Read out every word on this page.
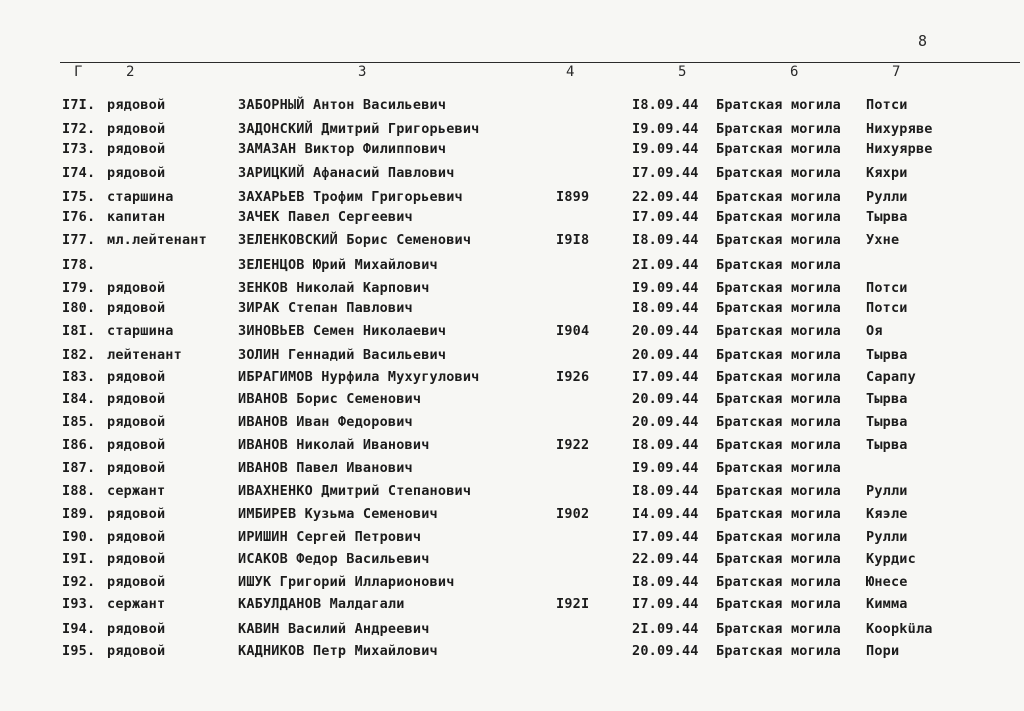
8
Г	2	3	4	5	6	7
I7I. рядовой	ЗАБОРНЫЙ Антон Васильевич	I8.09.44 Братская могила Потси
I72. рядовой	ЗАДОНСКИЙ Дмитрий Григорьевич	I9.09.44 Братская могила Нихуряве
I73. рядовой	ЗАМАЗАН Виктор Филиппович	I9.09.44 Братская могила Нихуярве
I74. рядовой	ЗАРИЦКИЙ Афанасий Павлович	I7.09.44 Братская могила Кяхри
I75. старшина	ЗАХАРЬЕВ Трофим Григорьевич	I899	22.09.44 Братская могила Рулли
I76. капитан	ЗАЧЕК Павел Сергеевич	I7.09.44 Братская могила Тырва
I77. мл.лейтенант ЗЕЛЕНКОВСКИЙ Борис Семенович	I9I8	I8.09.44 Братская могила Ухне
I78.	ЗЕЛЕНЦОВ Юрий Михайлович	2I.09.44 Братская могила
I79. рядовой	ЗЕНКОВ Николай Карпович	I9.09.44 Братская могила Потси
I80. рядовой	ЗИРАК Степан Павлович	I8.09.44 Братская могила Потси
I8I. старшина	ЗИНОВЬЕВ Семен Николаевич	I904	20.09.44 Братская могила Оя
I82. лейтенант	ЗОЛИН Геннадий Васильевич	20.09.44 Братская могила Тырва
I83. рядовой	ИБРАГИМОВ Нурфила Мухугулович	I926	I7.09.44 Братская могила Сарапу
I84. рядовой	ИВАНОВ Борис Семенович	20.09.44 Братская могила Тырва
I85. рядовой	ИВАНОВ Иван Федорович	20.09.44 Братская могила Тырва
I86. рядовой	ИВАНОВ Николай Иванович	I922	I8.09.44 Братская могила Тырва
I87. рядовой	ИВАНОВ Павел Иванович	I9.09.44 Братская могила
I88. сержант	ИВАХНЕНКО Дмитрий Степанович	I8.09.44 Братская могила Рулли
I89. рядовой	ИМБИРЕВ Кузьма Семенович	I902	I4.09.44 Братская могила Кяэле
I90. рядовой	ИРИШИН Сергей Петрович	I7.09.44 Братская могила Рулли
I9I. рядовой	ИСАКОВ Федор Васильевич	22.09.44 Братская могила Курдис
I92. рядовой	ИШУК Григорий Илларионович	I8.09.44 Братская могила Юнесе
I93. сержант	КАБУЛДАНОВ Малдагали	I92I	I7.09.44 Братская могила Кимма
I94. рядовой	КАВИН Василий Андреевич	2I.09.44 Братская могила Коорküла
I95. рядовой	КАДНИКОВ Петр Михайлович	20.09.44 Братская могила Пори
